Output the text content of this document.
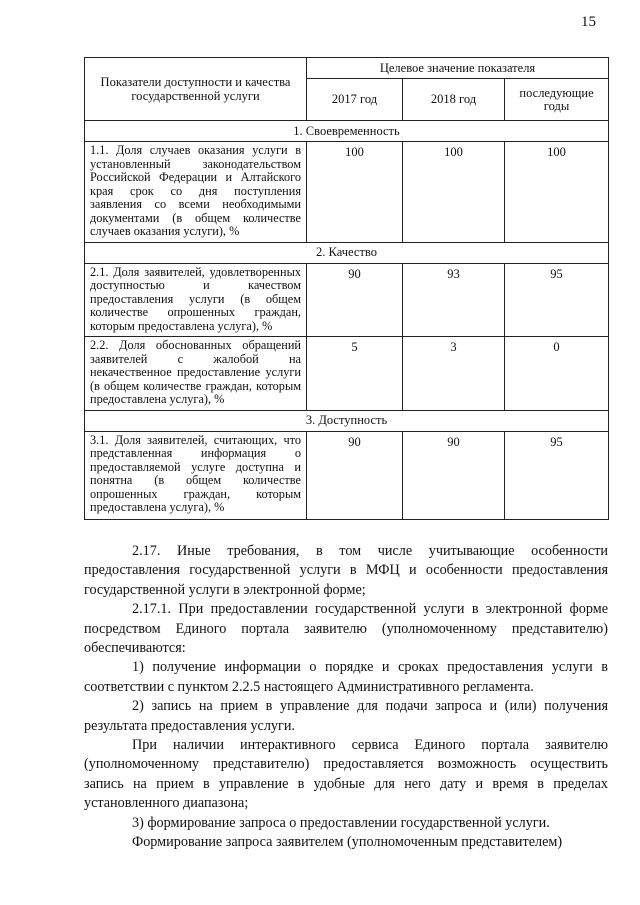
15
Показатели доступности и качества государственной услуги	Целевое значение показателя		
	2017 год	2018 год	последующие годы
1. Своевременность			
1.1. Доля случаев оказания услуги в установленный законодательством Российской Федерации и Алтайского края срок со дня поступления заявления со всеми необходимыми документами (в общем количестве случаев оказания услуги), %	100	100	100
2. Качество			
2.1. Доля заявителей, удовлетворенных доступностью и качеством предоставления услуги (в общем количестве опрошенных граждан, которым предоставлена услуга), %	90	93	95
2.2. Доля обоснованных обращений заявителей с жалобой на некачественное предоставление услуги (в общем количестве граждан, которым предоставлена услуга), %	5	3	0
3. Доступность			
3.1. Доля заявителей, считающих, что представленная информация о предоставляемой услуге доступна и понятна (в общем количестве опрошенных граждан, которым предоставлена услуга), %	90	90	95

2.17. Иные требования, в том числе учитывающие особенности предоставления государственной услуги в МФЦ и особенности предоставления государственной услуги в электронной форме;

2.17.1. При предоставлении государственной услуги в электронной форме посредством Единого портала заявителю (уполномоченному представителю) обеспечиваются:

1) получение информации о порядке и сроках предоставления услуги в соответствии с пунктом 2.2.5 настоящего Административного регламента.

2) запись на прием в управление для подачи запроса и (или) получения результата предоставления услуги.

При наличии интерактивного сервиса Единого портала заявителю (уполномоченному представителю) предоставляется возможность осуществить запись на прием в управление в удобные для него дату и время в пределах установленного диапазона;

3) формирование запроса о предоставлении государственной услуги.

Формирование запроса заявителем (уполномоченным представителем)
